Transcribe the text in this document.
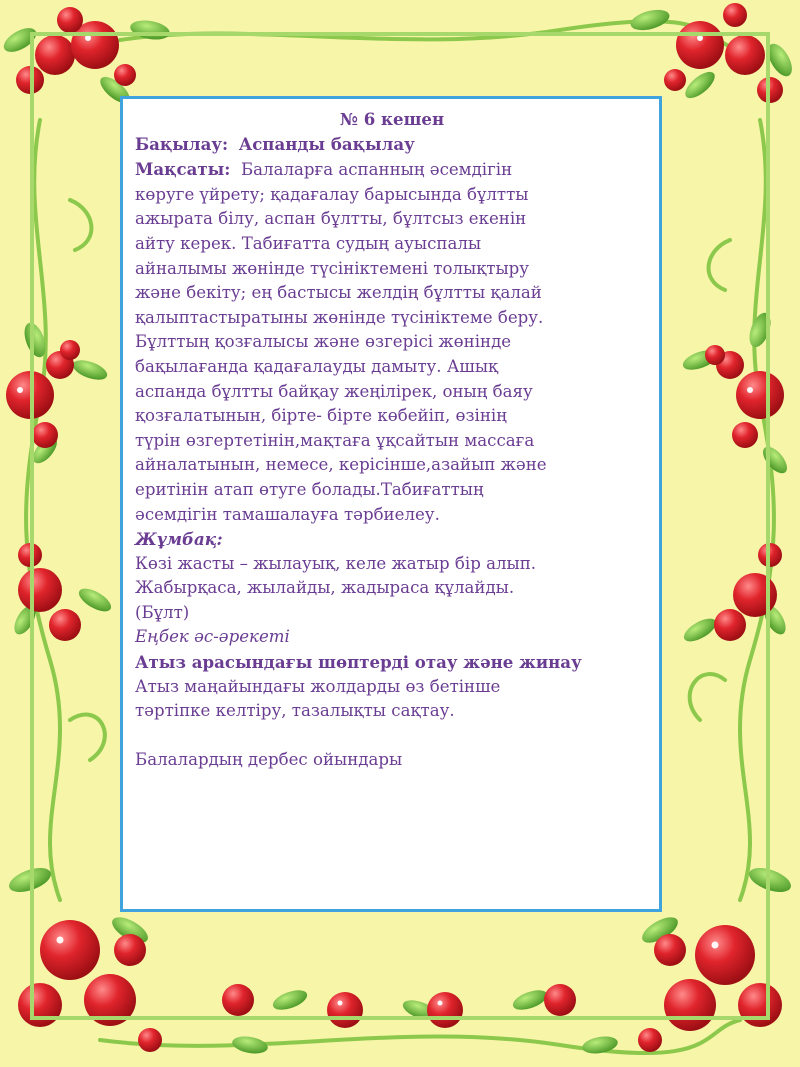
№ 6 кешен

Бақылау: Аспанды бақылау

Мақсаты: Балаларға аспанның әсемдігін

көруге үйрету; қадағалау барысында бұлтты

ажырата білу, аспан бұлтты, бұлтсыз екенін

айту керек. Табиғатта судың ауыспалы

айналымы жөнінде түсініктемені толықтыру

және бекіту; ең бастысы желдің бұлтты қалай

қалыптастыратыны жөнінде түсініктеме беру.

Бұлттың қозғалысы және өзгерісі жөнінде

бақылағанда қадағалауды дамыту. Ашық

аспанда бұлтты байқау жеңілірек, оның баяу

қозғалатынын, бірте- бірте көбейіп, өзінің

түрін өзгертетінін,мақтаға ұқсайтын массаға

айналатынын, немесе, керісінше,азайып және

еритінін атап өтуге болады.Табиғаттың

әсемдігін тамашалауға тәрбиелеу.

Жұмбақ:

Көзі жасты – жылауық, келе жатыр бір алып.

Жабырқаса, жылайды, жадыраса құлайды.

(Бұлт)

Еңбек әс-әрекеті

Атыз арасындағы шөптерді отау және жинау

Атыз маңайындағы жолдарды өз бетінше

тәртіпке келтіру, тазалықты сақтау.

Балалардың дербес ойындары
